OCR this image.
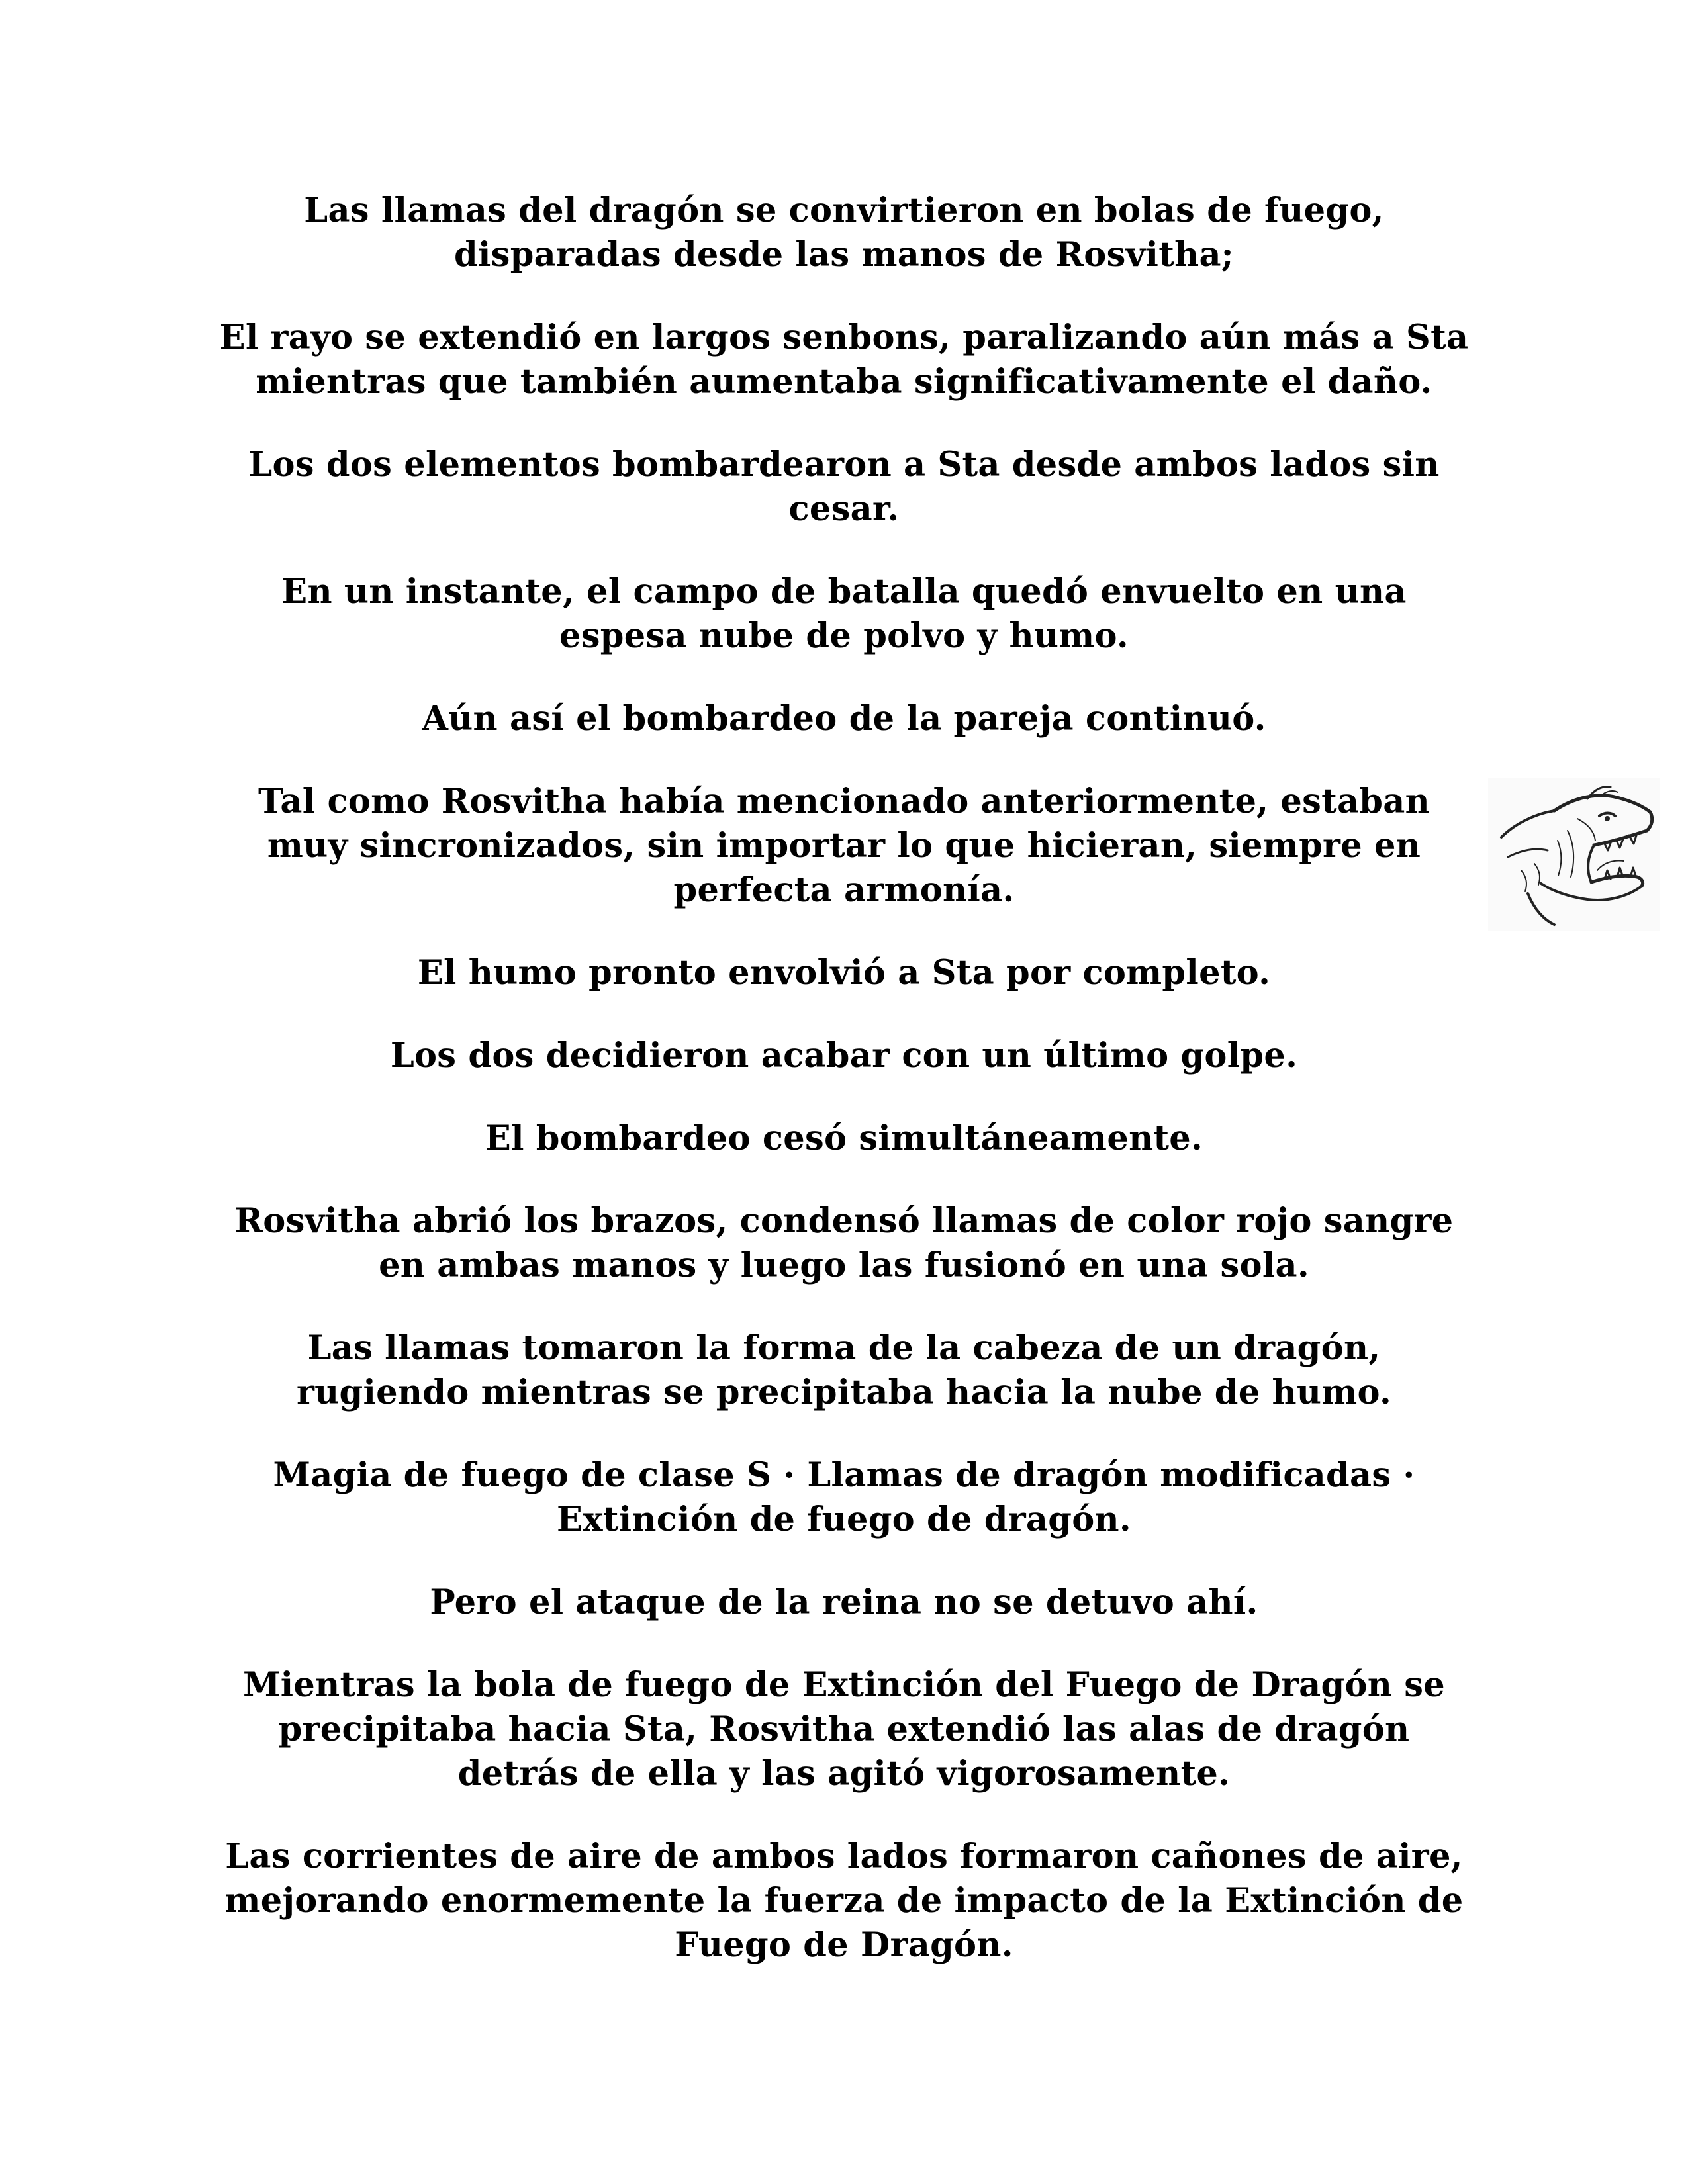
Las llamas del dragón se convirtieron en bolas de fuego, disparadas desde las manos de Rosvitha;

El rayo se extendió en largos senbons, paralizando aún más a Sta mientras que también aumentaba significativamente el daño.

Los dos elementos bombardearon a Sta desde ambos lados sin cesar.

En un instante, el campo de batalla quedó envuelto en una espesa nube de polvo y humo.

Aún así el bombardeo de la pareja continuó.

Tal como Rosvitha había mencionado anteriormente, estaban muy sincronizados, sin importar lo que hicieran, siempre en perfecta armonía.

El humo pronto envolvió a Sta por completo.

Los dos decidieron acabar con un último golpe.

El bombardeo cesó simultáneamente.

Rosvitha abrió los brazos, condensó llamas de color rojo sangre en ambas manos y luego las fusionó en una sola.

Las llamas tomaron la forma de la cabeza de un dragón, rugiendo mientras se precipitaba hacia la nube de humo.

Magia de fuego de clase S · Llamas de dragón modificadas · Extinción de fuego de dragón.

Pero el ataque de la reina no se detuvo ahí.

Mientras la bola de fuego de Extinción del Fuego de Dragón se precipitaba hacia Sta, Rosvitha extendió las alas de dragón detrás de ella y las agitó vigorosamente.

Las corrientes de aire de ambos lados formaron cañones de aire, mejorando enormemente la fuerza de impacto de la Extinción de Fuego de Dragón.
